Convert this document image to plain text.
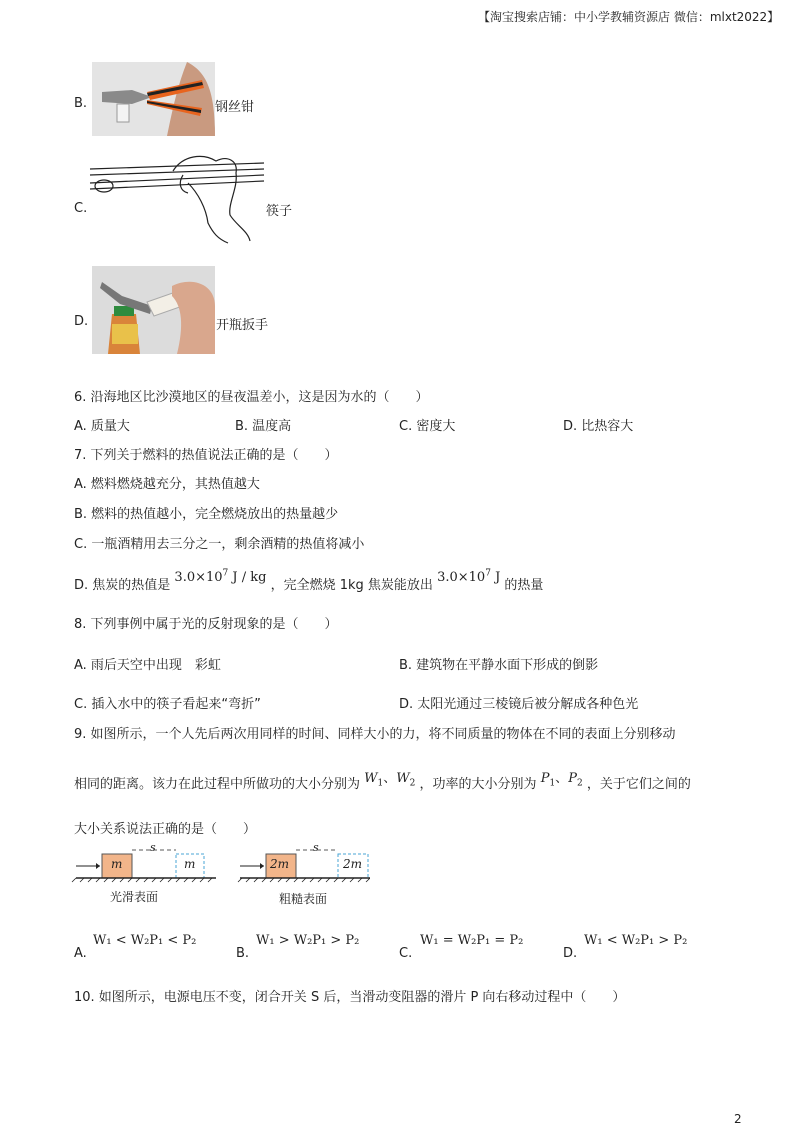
【淘宝搜索店铺：中小学教辅资源店 微信：mlxt2022】
B.	钢丝钳
C.	筷子
D.	开瓶扳手
6. 沿海地区比沙漠地区的昼夜温差小，这是因为水的（　　）
A. 质量大	B. 温度高	C. 密度大	D. 比热容大
7. 下列关于燃料的热值说法正确的是（　　）
A. 燃料燃烧越充分，其热值越大
B. 燃料的热值越小，完全燃烧放出的热量越少
C. 一瓶酒精用去三分之一，剩余酒精的热值将减小
D. 焦炭的热值是 $3.0\times 10^7$ J / kg ，完全燃烧 1kg 焦炭能放出 $3.0\times 10^7$ J 的热量
8. 下列事例中属于光的反射现象的是（　　）
A. 雨后天空中出现　彩虹	B. 建筑物在平静水面下形成的倒影
C. 插入水中的筷子看起来“弯折”	D. 太阳光通过三棱镜后被分解成各种色光
9. 如图所示，一个人先后两次用同样的时间、同样大小的力，将不同质量的物体在不同的表面上分别移动
相同的距离。该力在此过程中所做功的大小分别为 $W_1$、$W_2$ ，功率的大小分别为 $P_1$、$P_2$ ，关于它们之间的
大小关系说法正确的是（　　）
m	m
s
光滑表面
2m	2m
s
粗糙表面
A.
W₁ < W₂P₁ < P₂
B.
W₁ > W₂P₁ > P₂
C.
W₁ = W₂P₁ = P₂
D.
W₁ < W₂P₁ > P₂
10. 如图所示，电源电压不变，闭合开关 S 后，当滑动变阻器的滑片 P 向右移动过程中（　　）
2
